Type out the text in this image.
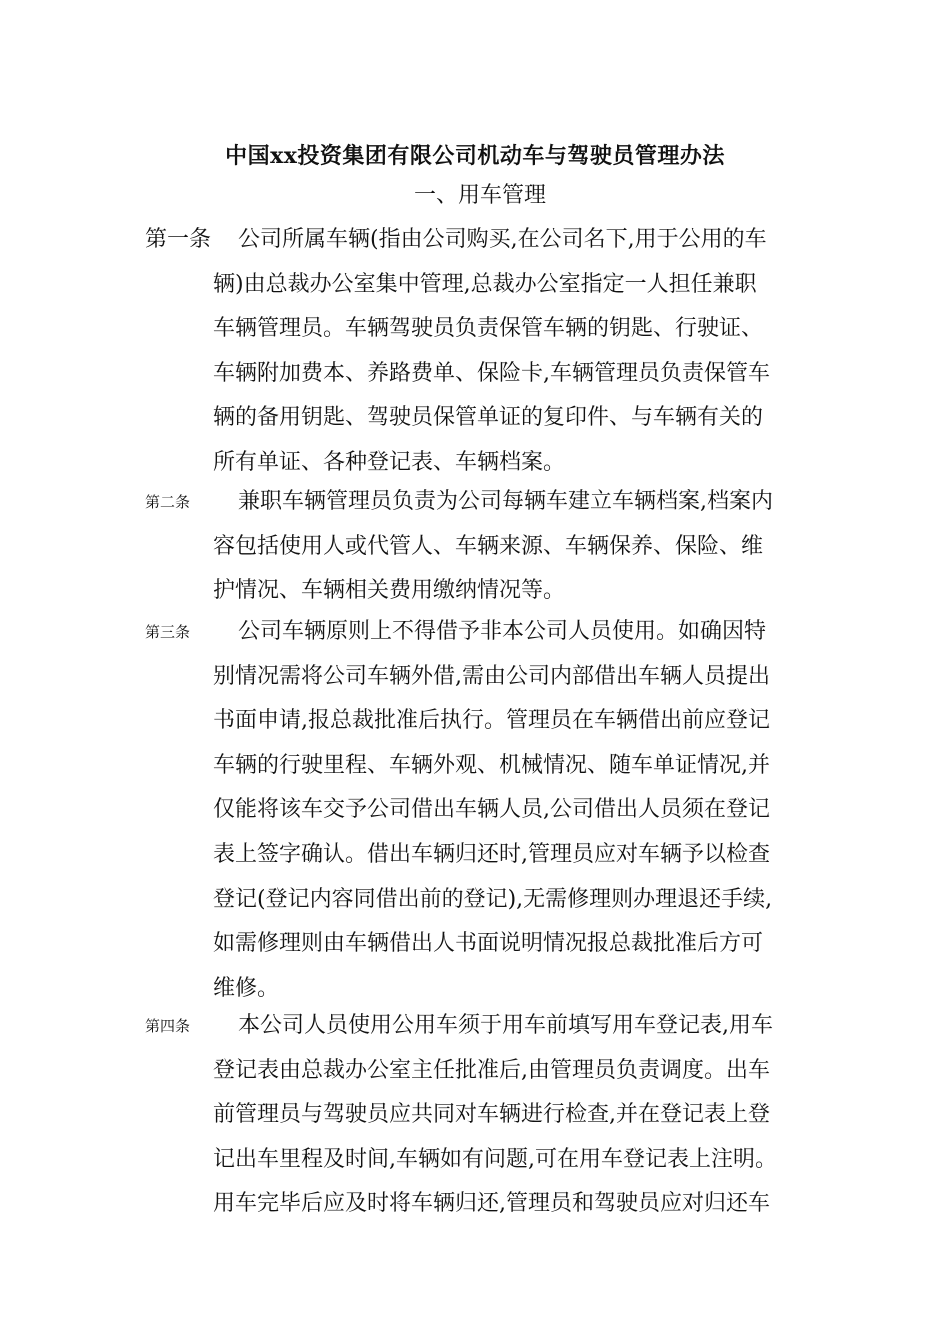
中国xx投资集团有限公司机动车与驾驶员管理办法
一、用车管理
第一条 公司所属车辆(指由公司购买,在公司名下,用于公用的车
辆)由总裁办公室集中管理,总裁办公室指定一人担任兼职
车辆管理员。车辆驾驶员负责保管车辆的钥匙、行驶证、
车辆附加费本、养路费单、保险卡,车辆管理员负责保管车
辆的备用钥匙、驾驶员保管单证的复印件、与车辆有关的
所有单证、各种登记表、车辆档案。
第二条 兼职车辆管理员负责为公司每辆车建立车辆档案,档案内
容包括使用人或代管人、车辆来源、车辆保养、保险、维
护情况、车辆相关费用缴纳情况等。
第三条 公司车辆原则上不得借予非本公司人员使用。如确因特
别情况需将公司车辆外借,需由公司内部借出车辆人员提出
书面申请,报总裁批准后执行。管理员在车辆借出前应登记
车辆的行驶里程、车辆外观、机械情况、随车单证情况,并
仅能将该车交予公司借出车辆人员,公司借出人员须在登记
表上签字确认。借出车辆归还时,管理员应对车辆予以检查
登记(登记内容同借出前的登记),无需修理则办理退还手续,
如需修理则由车辆借出人书面说明情况报总裁批准后方可
维修。
第四条 本公司人员使用公用车须于用车前填写用车登记表,用车
登记表由总裁办公室主任批准后,由管理员负责调度。出车
前管理员与驾驶员应共同对车辆进行检查,并在登记表上登
记出车里程及时间,车辆如有问题,可在用车登记表上注明。
用车完毕后应及时将车辆归还,管理员和驾驶员应对归还车
